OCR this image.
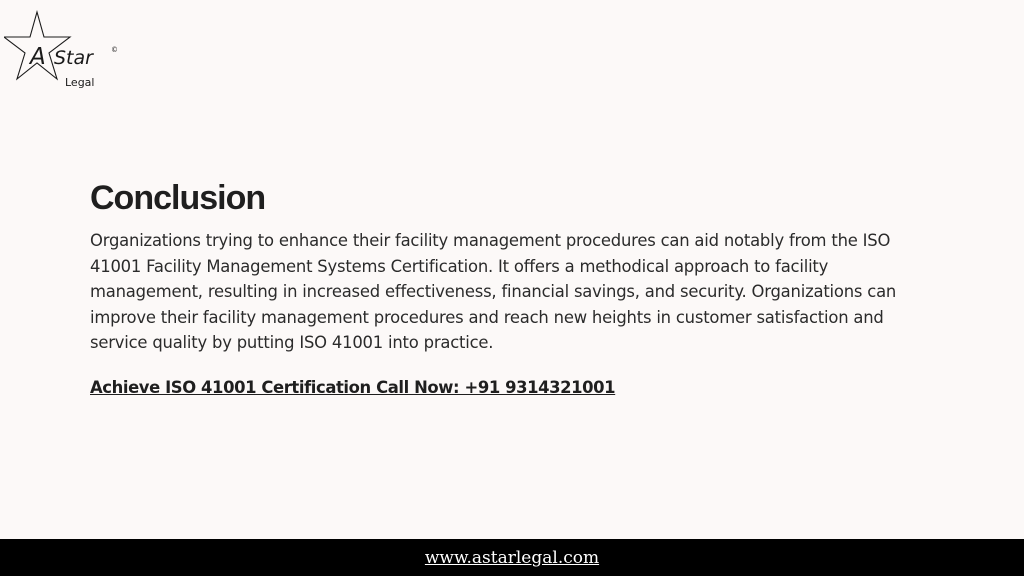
A Star
Legal
©
Conclusion

Organizations trying to enhance their facility management procedures can aid notably from the ISO 41001 Facility Management Systems Certification. It offers a methodical approach to facility management, resulting in increased effectiveness, financial savings, and security. Organizations can improve their facility management procedures and reach new heights in customer satisfaction and service quality by putting ISO 41001 into practice.

Achieve ISO 41001 Certification Call Now: +91 9314321001

www.astarlegal.com
